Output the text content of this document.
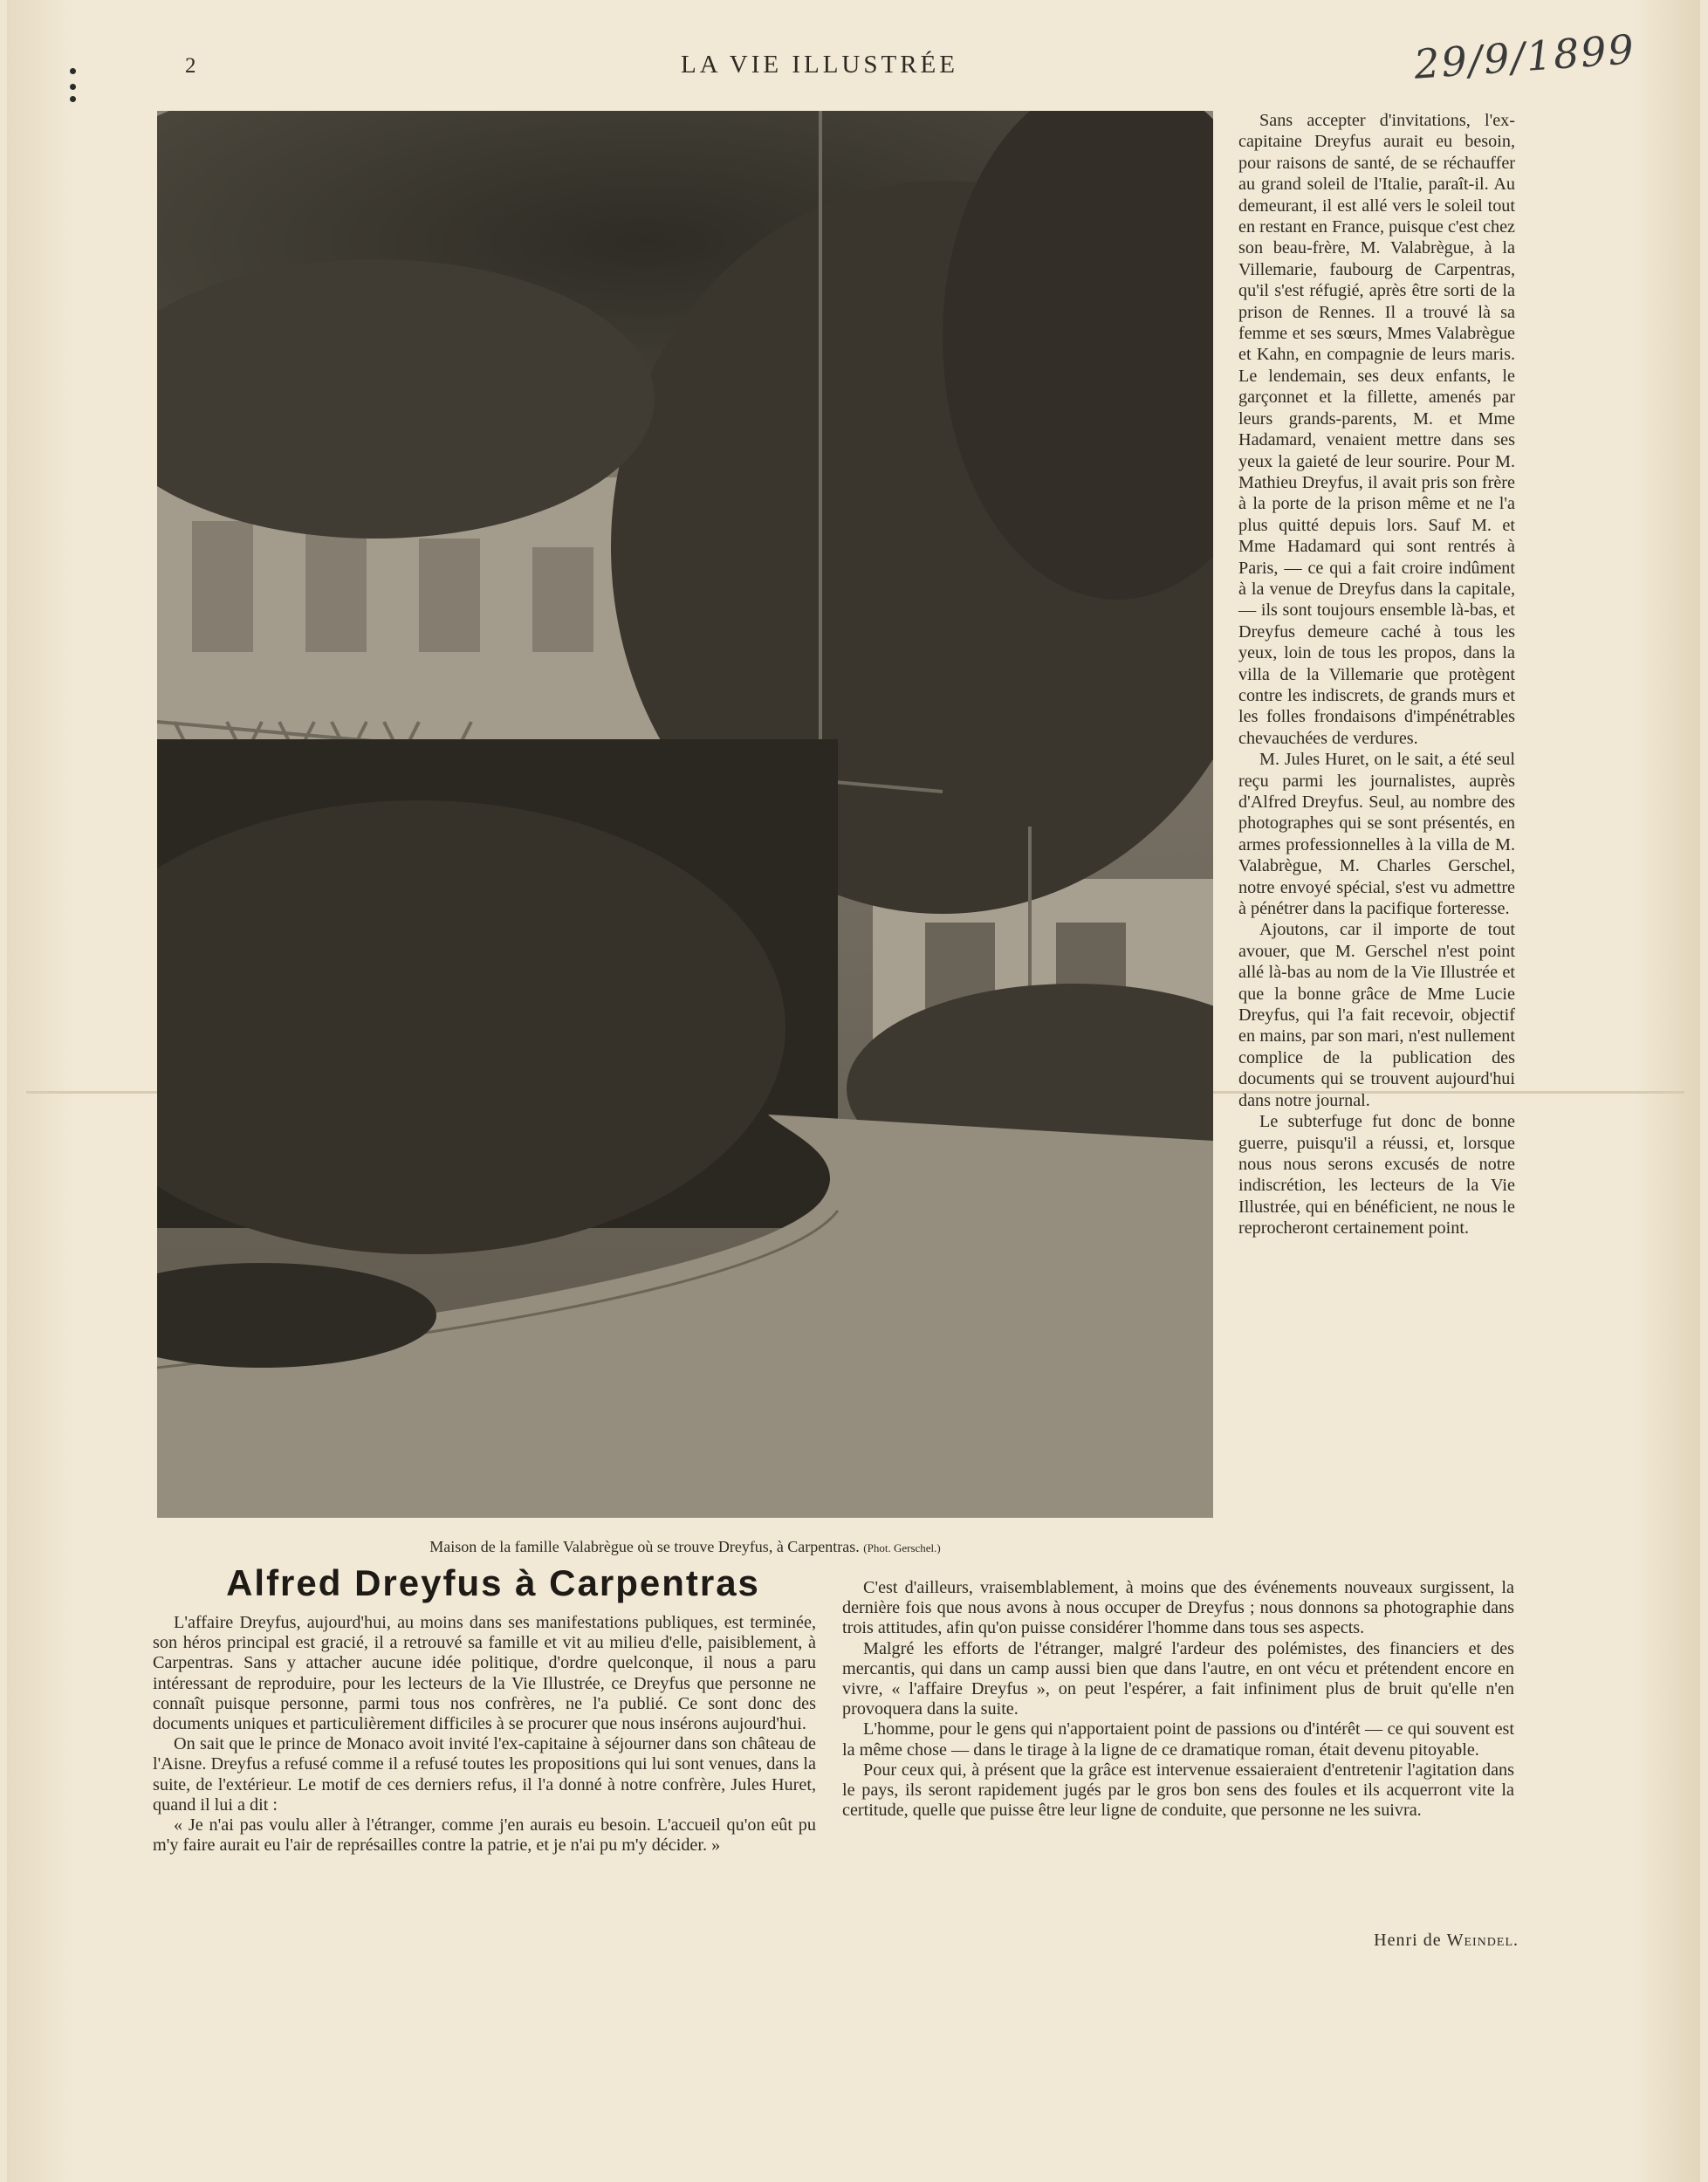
2	LA VIE ILLUSTRÉE	29/9/1899
Maison de la famille Valabrègue où se trouve Dreyfus, à Carpentras. (Phot. Gerschel.)

Sans accepter d'invitations, l'ex-capitaine Dreyfus aurait eu besoin, pour raisons de santé, de se réchauffer au grand soleil de l'Italie, paraît-il. Au demeurant, il est allé vers le soleil tout en restant en France, puisque c'est chez son beau-frère, M. Valabrègue, à la Villemarie, faubourg de Carpentras, qu'il s'est réfugié, après être sorti de la prison de Rennes. Il a trouvé là sa femme et ses sœurs, Mmes Valabrègue et Kahn, en compagnie de leurs maris. Le lendemain, ses deux enfants, le garçonnet et la fillette, amenés par leurs grands-parents, M. et Mme Hadamard, venaient mettre dans ses yeux la gaieté de leur sourire. Pour M. Mathieu Dreyfus, il avait pris son frère à la porte de la prison même et ne l'a plus quitté depuis lors. Sauf M. et Mme Hadamard qui sont rentrés à Paris, — ce qui a fait croire indûment à la venue de Dreyfus dans la capitale, — ils sont toujours ensemble là-bas, et Dreyfus demeure caché à tous les yeux, loin de tous les propos, dans la villa de la Villemarie que protègent contre les indiscrets, de grands murs et les folles frondaisons d'impénétrables chevauchées de verdures.

M. Jules Huret, on le sait, a été seul reçu parmi les journalistes, auprès d'Alfred Dreyfus. Seul, au nombre des photographes qui se sont présentés, en armes professionnelles à la villa de M. Valabrègue, M. Charles Gerschel, notre envoyé spécial, s'est vu admettre à pénétrer dans la pacifique forteresse.

Ajoutons, car il importe de tout avouer, que M. Gerschel n'est point allé là-bas au nom de la Vie Illustrée et que la bonne grâce de Mme Lucie Dreyfus, qui l'a fait recevoir, objectif en mains, par son mari, n'est nullement complice de la publication des documents qui se trouvent aujourd'hui dans notre journal.

Le subterfuge fut donc de bonne guerre, puisqu'il a réussi, et, lorsque nous nous serons excusés de notre indiscrétion, les lecteurs de la Vie Illustrée, qui en bénéficient, ne nous le reprocheront certainement point.

Alfred Dreyfus à Carpentras

L'affaire Dreyfus, aujourd'hui, au moins dans ses manifestations publiques, est terminée, son héros principal est gracié, il a retrouvé sa famille et vit au milieu d'elle, paisiblement, à Carpentras. Sans y attacher aucune idée politique, d'ordre quelconque, il nous a paru intéressant de reproduire, pour les lecteurs de la Vie Illustrée, ce Dreyfus que personne ne connaît puisque personne, parmi tous nos confrères, ne l'a publié. Ce sont donc des documents uniques et particulièrement difficiles à se procurer que nous insérons aujourd'hui.

On sait que le prince de Monaco avoit invité l'ex-capitaine à séjourner dans son château de l'Aisne. Dreyfus a refusé comme il a refusé toutes les propositions qui lui sont venues, dans la suite, de l'extérieur. Le motif de ces derniers refus, il l'a donné à notre confrère, Jules Huret, quand il lui a dit :

« Je n'ai pas voulu aller à l'étranger, comme j'en aurais eu besoin. L'accueil qu'on eût pu m'y faire aurait eu l'air de représailles contre la patrie, et je n'ai pu m'y décider. »

C'est d'ailleurs, vraisemblablement, à moins que des événements nouveaux surgissent, la dernière fois que nous avons à nous occuper de Dreyfus ; nous donnons sa photographie dans trois attitudes, afin qu'on puisse considérer l'homme dans tous ses aspects.

Malgré les efforts de l'étranger, malgré l'ardeur des polémistes, des financiers et des mercantis, qui dans un camp aussi bien que dans l'autre, en ont vécu et prétendent encore en vivre, « l'affaire Dreyfus », on peut l'espérer, a fait infiniment plus de bruit qu'elle n'en provoquera dans la suite.

L'homme, pour le gens qui n'apportaient point de passions ou d'intérêt — ce qui souvent est la même chose — dans le tirage à la ligne de ce dramatique roman, était devenu pitoyable.

Pour ceux qui, à présent que la grâce est intervenue essaieraient d'entretenir l'agitation dans le pays, ils seront rapidement jugés par le gros bon sens des foules et ils acquerront vite la certitude, quelle que puisse être leur ligne de conduite, que personne ne les suivra.

Henri de Weindel.
